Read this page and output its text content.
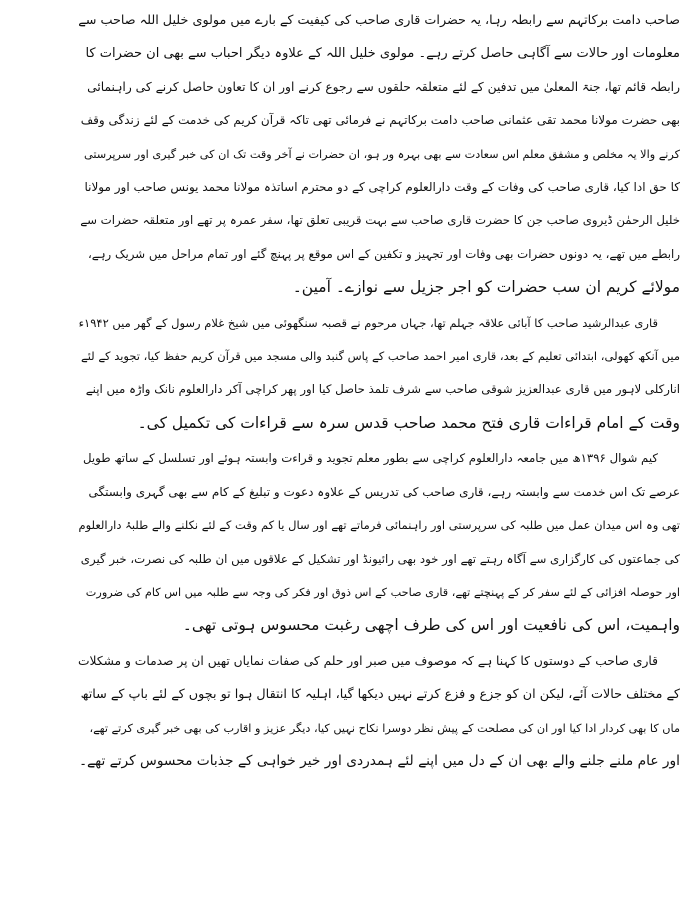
صاحب دامت برکاتہم سے رابطہ رہا، یہ حضرات قاری صاحب کی کیفیت کے بارے میں مولوی خلیل اللہ صاحب سے
معلومات اور حالات سے آگاہی حاصل کرتے رہے۔ مولوی خلیل اللہ کے علاوہ دیگر احباب سے بھی ان حضرات کا
رابطہ قائم تھا، جنۃ المعلیٰ میں تدفین کے لئے متعلقہ حلقوں سے رجوع کرنے اور ان کا تعاون حاصل کرنے کی راہنمائی
بھی حضرت مولانا محمد تقی عثمانی صاحب دامت برکاتہم نے فرمائی تھی تاکہ قرآن کریم کی خدمت کے لئے زندگی وقف
کرنے والا یہ مخلص و مشفق معلم اس سعادت سے بھی بہرہ ور ہو، ان حضرات نے آخر وقت تک ان کی خبر گیری اور سرپرستی
کا حق ادا کیا، قاری صاحب کی وفات کے وقت دارالعلوم کراچی کے دو محترم اساتذہ مولانا محمد یونس صاحب اور مولانا
خلیل الرحمٰن ڈیروی صاحب جن کا حضرت قاری صاحب سے بہت قریبی تعلق تھا، سفر عمرہ پر تھے اور متعلقہ حضرات سے
رابطے میں تھے، یہ دونوں حضرات بھی وفات اور تجہیز و تکفین کے اس موقع پر پہنچ گئے اور تمام مراحل میں شریک رہے،
مولائے کریم ان سب حضرات کو اجر جزیل سے نوازے۔ آمین۔
قاری عبدالرشید صاحب کا آبائی علاقہ جہلم تھا، جہاں مرحوم نے قصبہ سنگھوئی میں شیخ غلام رسول کے گھر میں ۱۹۴۲ء
میں آنکھ کھولی، ابتدائی تعلیم کے بعد، قاری امیر احمد صاحب کے پاس گنبد والی مسجد میں قرآن کریم حفظ کیا، تجوید کے لئے
انارکلی لاہور میں قاری عبدالعزیز شوقی صاحب سے شرف تلمذ حاصل کیا اور پھر کراچی آکر دارالعلوم نانک واڑہ میں اپنے
وقت کے امام قراءات قاری فتح محمد صاحب قدس سرہ سے قراءات کی تکمیل کی۔
کیم شوال ۱۳۹۶ھ میں جامعہ دارالعلوم کراچی سے بطور معلم تجوید و قراءت وابستہ ہوئے اور تسلسل کے ساتھ طویل
عرصے تک اس خدمت سے وابستہ رہے، قاری صاحب کی تدریس کے علاوہ دعوت و تبلیغ کے کام سے بھی گہری وابستگی
تھی وہ اس میدان عمل میں طلبہ کی سرپرستی اور راہنمائی فرماتے تھے اور سال یا کم وقت کے لئے نکلنے والے طلبۂ دارالعلوم
کی جماعتوں کی کارگزاری سے آگاہ رہتے تھے اور خود بھی رائیونڈ اور تشکیل کے علاقوں میں ان طلبہ کی نصرت، خبر گیری
اور حوصلہ افزائی کے لئے سفر کر کے پہنچتے تھے، قاری صاحب کے اس ذوق اور فکر کی وجہ سے طلبہ میں اس کام کی ضرورت
واہمیت، اس کی نافعیت اور اس کی طرف اچھی رغبت محسوس ہوتی تھی۔
قاری صاحب کے دوستوں کا کہنا ہے کہ موصوف میں صبر اور حلم کی صفات نمایاں تھیں ان پر صدمات و مشکلات
کے مختلف حالات آئے، لیکن ان کو جزع و فزع کرتے نہیں دیکھا گیا، اہلیہ کا انتقال ہوا تو بچوں کے لئے باپ کے ساتھ
ماں کا بھی کردار ادا کیا اور ان کی مصلحت کے پیش نظر دوسرا نکاح نہیں کیا، دیگر عزیز و اقارب کی بھی خبر گیری کرتے تھے،
اور عام ملنے جلنے والے بھی ان کے دل میں اپنے لئے ہمدردی اور خیر خواہی کے جذبات محسوس کرتے تھے۔
